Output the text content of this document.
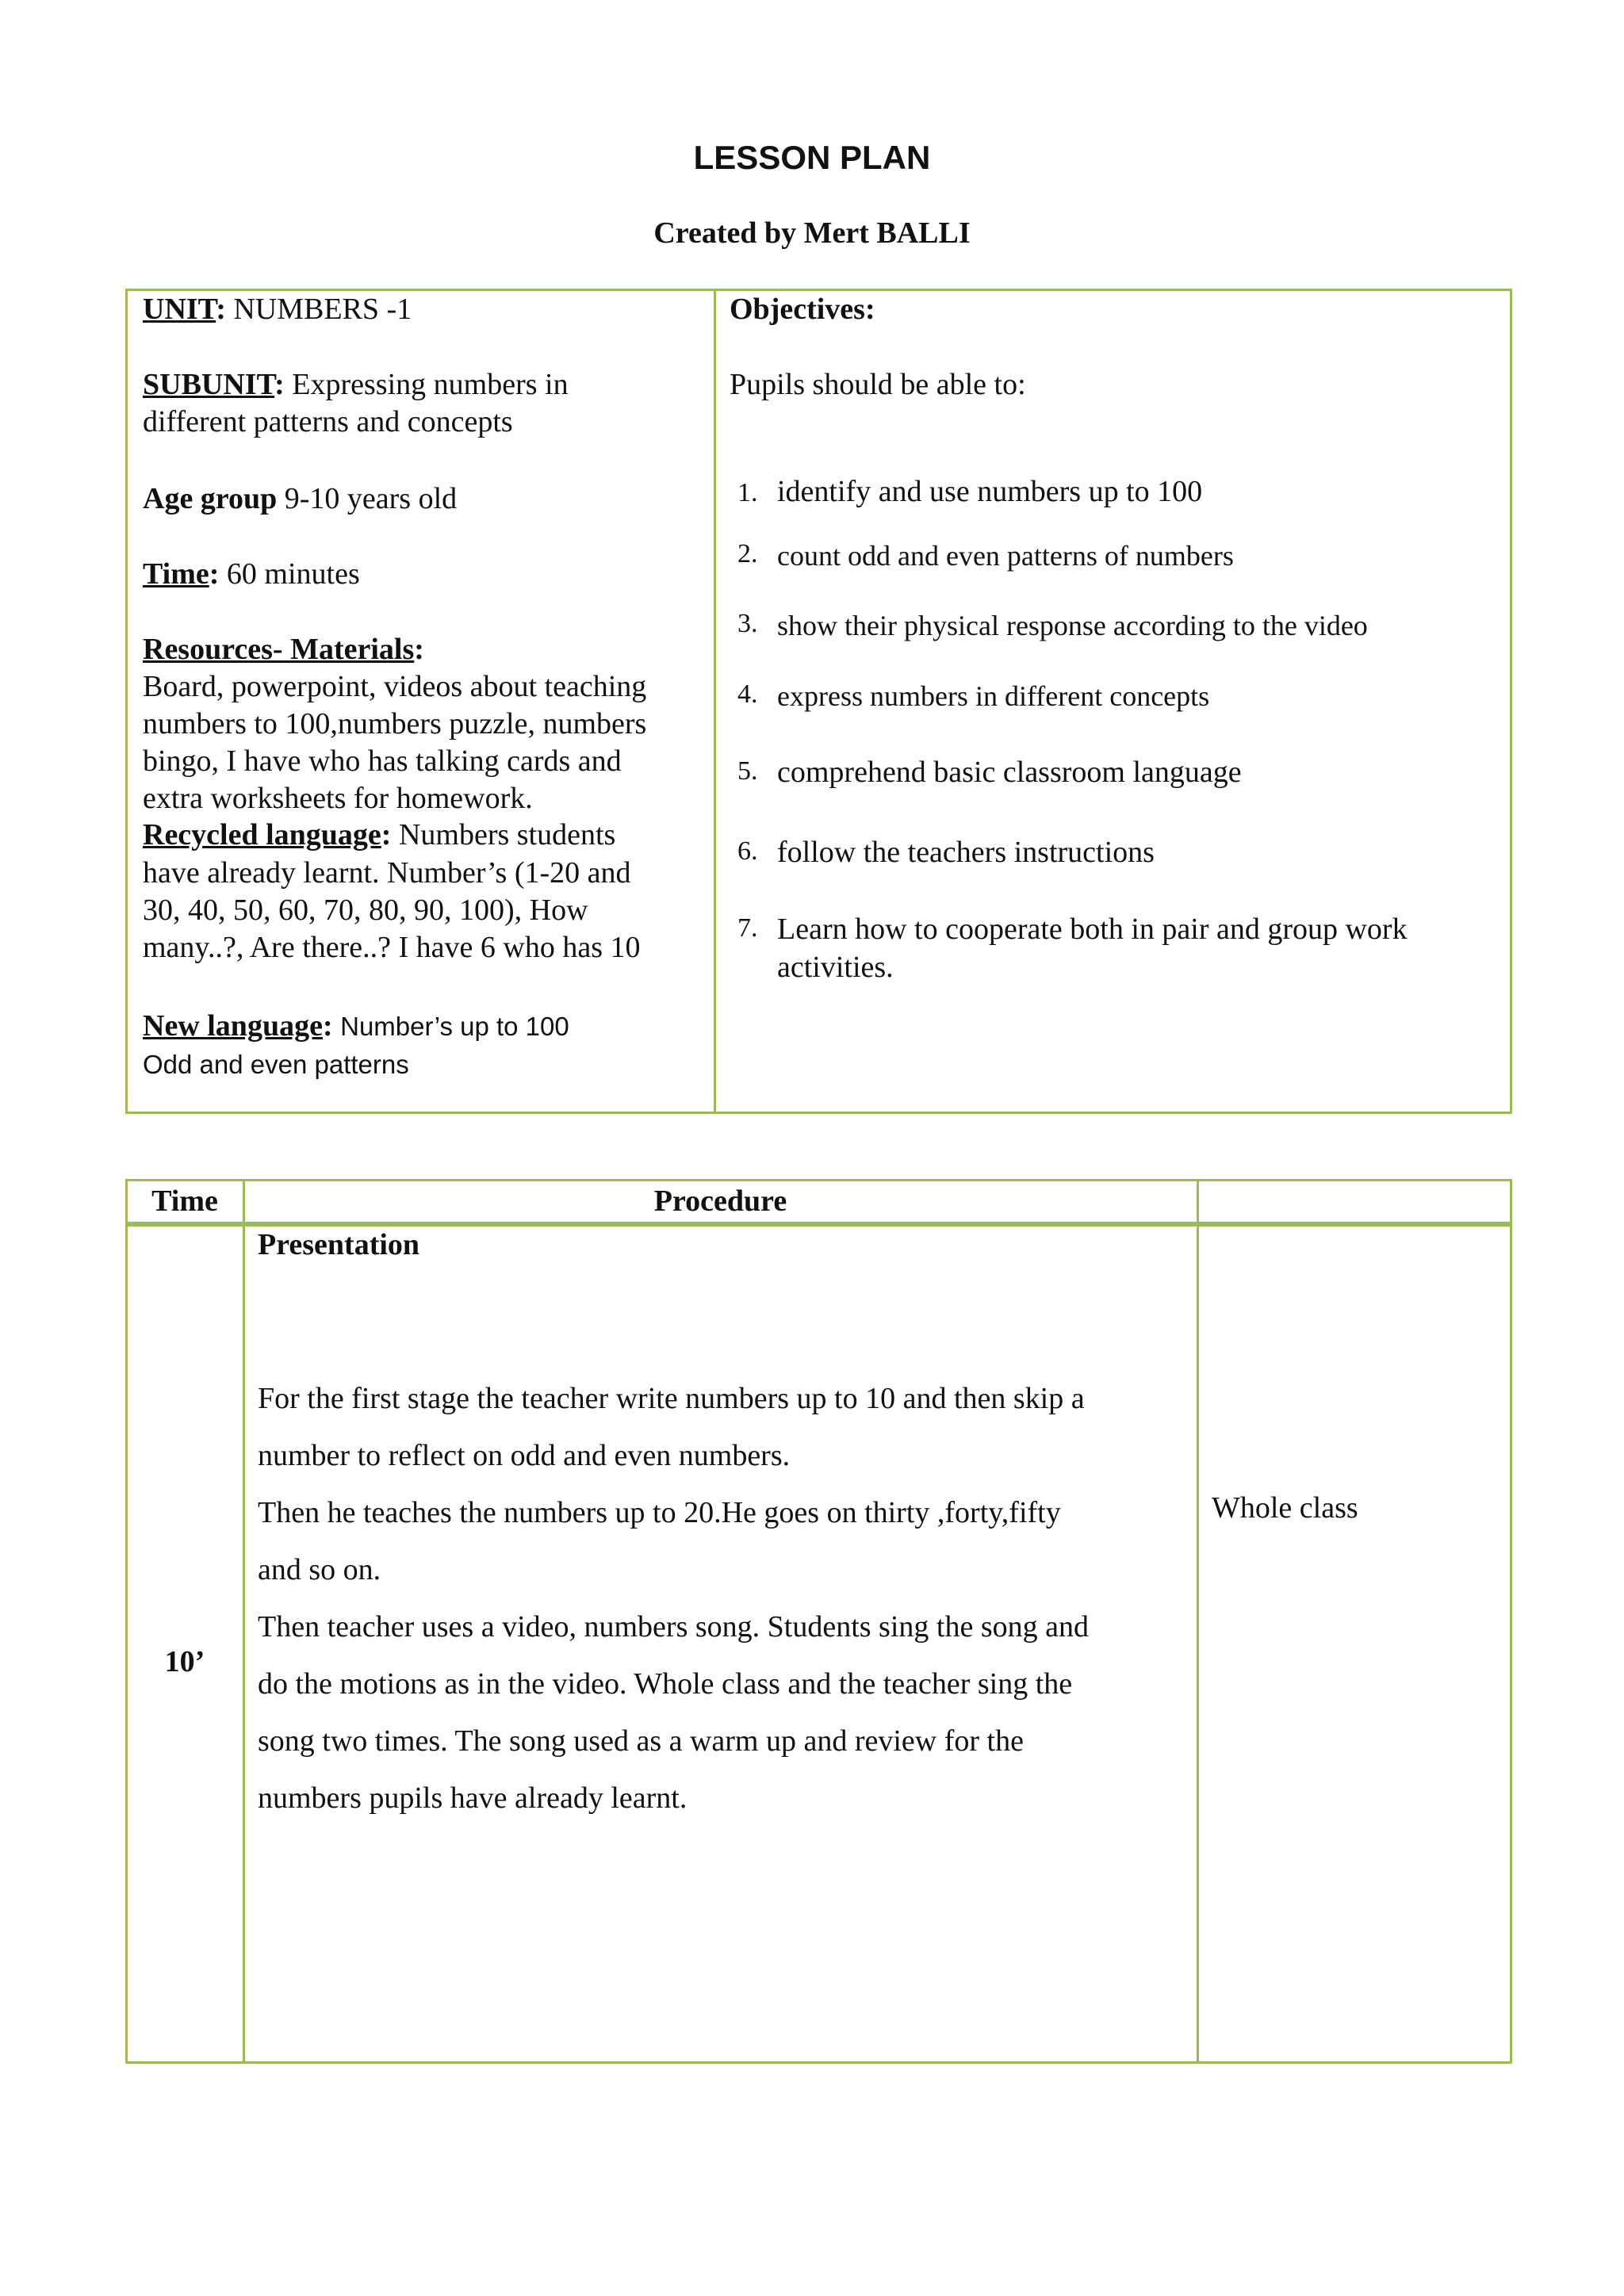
LESSON PLAN
Created by Mert BALLI
UNIT: NUMBERS -1
SUBUNIT: Expressing numbers in
different patterns and concepts
Age group 9-10 years old
Time: 60 minutes
Resources- Materials:
Board, powerpoint, videos about teaching
numbers to 100,numbers puzzle, numbers
bingo, I have who has talking cards and
extra worksheets for homework.
Recycled language: Numbers students
have already learnt. Number’s (1-20 and
30, 40, 50, 60, 70, 80, 90, 100), How
many..?, Are there..? I have 6 who has 10
New language: Number’s up to 100
Odd and even patterns
Objectives:
Pupils should be able to:
1. identify and use numbers up to 100
2. count odd and even patterns of numbers
3. show their physical response according to the video
4. express numbers in different concepts
5. comprehend basic classroom language
6. follow the teachers instructions
7. Learn how to cooperate both in pair and group work
activities.
Time	Procedure
10’
Presentation
For the first stage the teacher write numbers up to 10 and then skip a
number to reflect on odd and even numbers.
Then he teaches the numbers up to 20.He goes on thirty ,forty,fifty
and so on.
Then teacher uses a video, numbers song. Students sing the song and
do the motions as in the video. Whole class and the teacher sing the
song two times. The song used as a warm up and review for the
numbers pupils have already learnt.
Whole class
